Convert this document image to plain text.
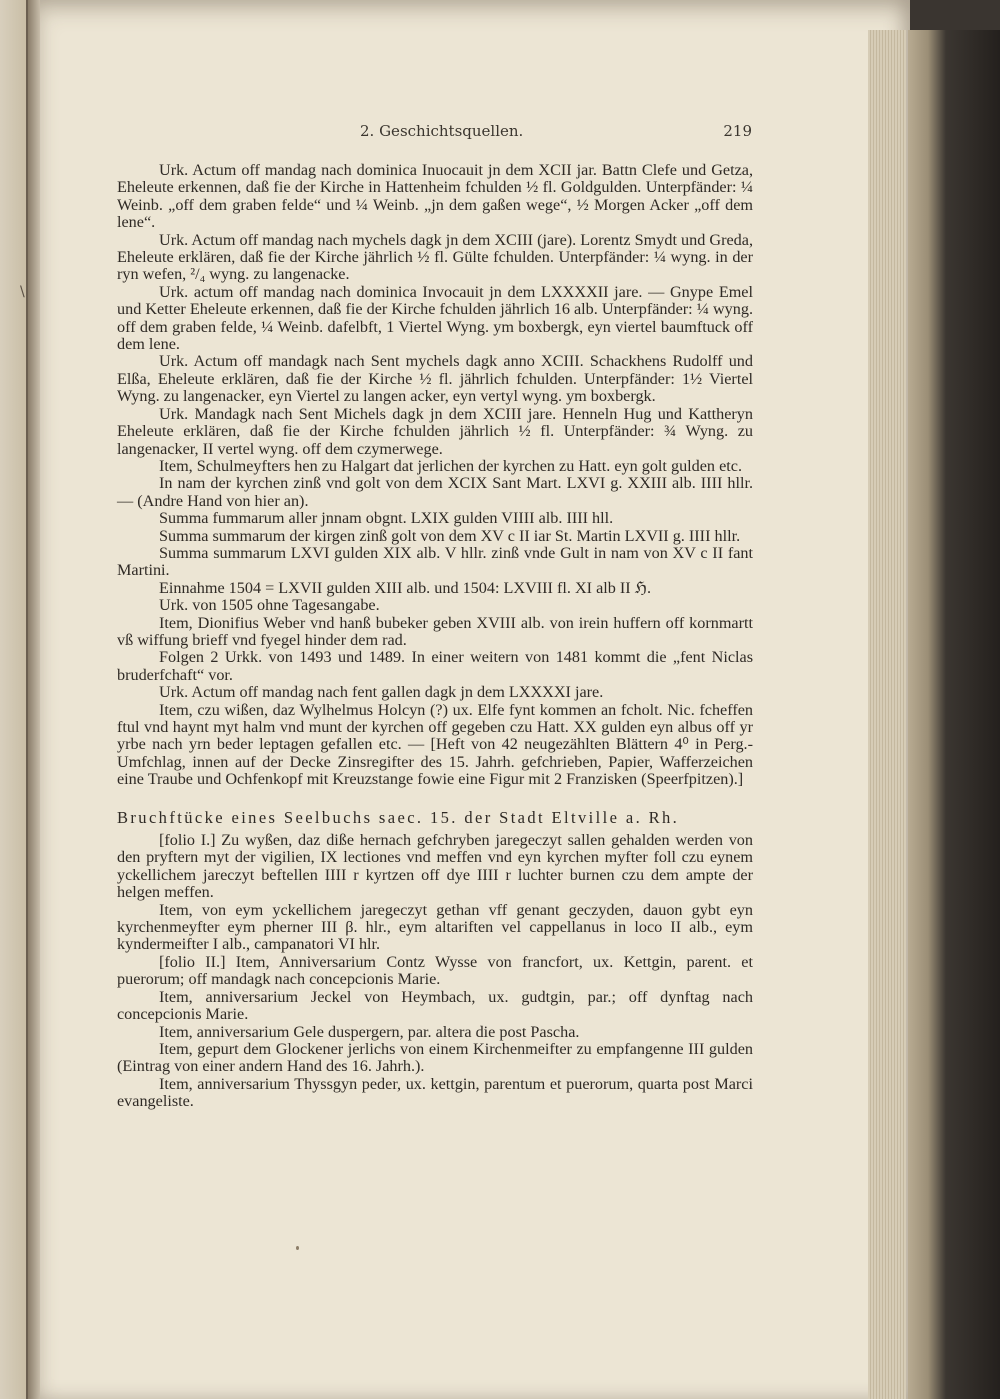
\
2. Geschichtsquellen.	219

Urk. Actum off mandag nach dominica Inuocauit jn dem XCII jar. Battn Clefe und Getza, Eheleute erkennen, daß fie der Kirche in Hattenheim fchulden ½ fl. Goldgulden. Unterpfänder: ¼ Weinb. „off dem graben felde“ und ¼ Weinb. „jn dem gaßen wege“, ½ Morgen Acker „off dem lene“.

Urk. Actum off mandag nach mychels dagk jn dem XCIII (jare). Lorentz Smydt und Greda, Eheleute erklären, daß fie der Kirche jährlich ½ fl. Gülte fchulden. Unterpfänder: ¼ wyng. in der ryn wefen, ²/₄ wyng. zu langenacke.

Urk. actum off mandag nach dominica Invocauit jn dem LXXXXII jare. — Gnype Emel und Ketter Eheleute erkennen, daß fie der Kirche fchulden jährlich 16 alb. Unterpfänder: ¼ wyng. off dem graben felde, ¼ Weinb. dafelbft, 1 Viertel Wyng. ym boxbergk, eyn viertel baumftuck off dem lene.

Urk. Actum off mandagk nach Sent mychels dagk anno XCIII. Schackhens Rudolff und Elßa, Eheleute erklären, daß fie der Kirche ½ fl. jährlich fchulden. Unterpfänder: 1½ Viertel Wyng. zu langenacker, eyn Viertel zu langen acker, eyn vertyl wyng. ym boxbergk.

Urk. Mandagk nach Sent Michels dagk jn dem XCIII jare. Henneln Hug und Kattheryn Eheleute erklären, daß fie der Kirche fchulden jährlich ½ fl. Unterpfänder: ¾ Wyng. zu langenacker, II vertel wyng. off dem czymerwege.

Item, Schulmeyfters hen zu Halgart dat jerlichen der kyrchen zu Hatt. eyn golt gulden etc.

In nam der kyrchen zinß vnd golt von dem XCIX Sant Mart. LXVI g. XXIII alb. IIII hllr. — (Andre Hand von hier an).

Summa fummarum aller jnnam obgnt. LXIX gulden VIIII alb. IIII hll.

Summa summarum der kirgen zinß golt von dem XV c II iar St. Martin LXVII g. IIII hllr.

Summa summarum LXVI gulden XIX alb. V hllr. zinß vnde Gult in nam von XV c II fant Martini.

Einnahme 1504 = LXVII gulden XIII alb. und 1504: LXVIII fl. XI alb II ℌ.

Urk. von 1505 ohne Tagesangabe.

Item, Dionifius Weber vnd hanß bubeker geben XVIII alb. von irein huffern off kornmartt vß wiffung brieff vnd fyegel hinder dem rad.

Folgen 2 Urkk. von 1493 und 1489. In einer weitern von 1481 kommt die „fent Niclas bruderfchaft“ vor.

Urk. Actum off mandag nach fent gallen dagk jn dem LXXXXI jare.

Item, czu wißen, daz Wylhelmus Holcyn (?) ux. Elfe fynt kommen an fcholt. Nic. fcheffen ftul vnd haynt myt halm vnd munt der kyrchen off gegeben czu Hatt. XX gulden eyn albus off yr yrbe nach yrn beder leptagen gefallen etc. — [Heft von 42 neugezählten Blättern 4⁰ in Perg.-Umfchlag, innen auf der Decke Zinsregifter des 15. Jahrh. gefchrieben, Papier, Wafferzeichen eine Traube und Ochfenkopf mit Kreuzstange fowie eine Figur mit 2 Franzisken (Speerfpitzen).]

Bruchftücke eines Seelbuchs saec. 15. der Stadt Eltville a. Rh.

[folio I.] Zu wyßen, daz diße hernach gefchryben jaregeczyt sallen gehalden werden von den pryftern myt der vigilien, IX lectiones vnd meffen vnd eyn kyrchen myfter foll czu eynem yckellichem jareczyt beftellen IIII r kyrtzen off dye IIII r luchter burnen czu dem ampte der helgen meffen.

Item, von eym yckellichem jaregeczyt gethan vff genant geczyden, dauon gybt eyn kyrchenmeyfter eym pherner III β. hlr., eym altariften vel cappellanus in loco II alb., eym kyndermeifter I alb., campanatori VI hlr.

[folio II.] Item, Anniversarium Contz Wysse von francfort, ux. Kettgin, parent. et puerorum; off mandagk nach concepcionis Marie.

Item, anniversarium Jeckel von Heymbach, ux. gudtgin, par.; off dynftag nach concepcionis Marie.

Item, anniversarium Gele duspergern, par. altera die post Pascha.

Item, gepurt dem Glockener jerlichs von einem Kirchenmeifter zu empfangenne III gulden (Eintrag von einer andern Hand des 16. Jahrh.).

Item, anniversarium Thyssgyn peder, ux. kettgin, parentum et puerorum, quarta post Marci evangeliste.
